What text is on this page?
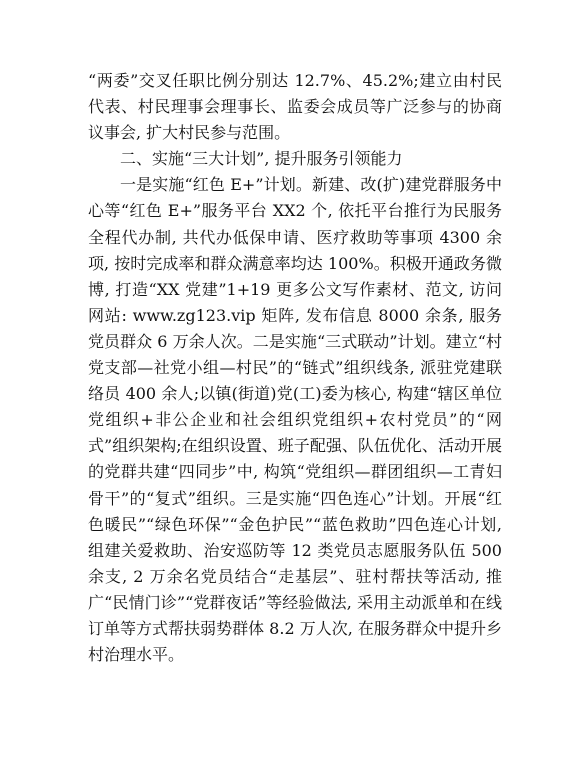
“两委”交叉任职比例分别达 12.7%、45.2%;建立由村民代表、村民理事会理事长、监委会成员等广泛参与的协商议事会, 扩大村民参与范围。

二、实施“三大计划”, 提升服务引领能力

一是实施“红色 E+”计划。新建、改(扩)建党群服务中心等“红色 E+”服务平台 XX2 个, 依托平台推行为民服务全程代办制, 共代办低保申请、医疗救助等事项 4300 余项, 按时完成率和群众满意率均达 100%。积极开通政务微博, 打造“XX 党建”1+19 更多公文写作素材、范文, 访问网站: www.zg123.vip 矩阵, 发布信息 8000 余条, 服务党员群众 6 万余人次。二是实施“三式联动”计划。建立“村党支部—社党小组—村民”的“链式”组织线条, 派驻党建联络员 400 余人;以镇(街道)党(工)委为核心, 构建“辖区单位党组织+非公企业和社会组织党组织+农村党员”的“网式”组织架构;在组织设置、班子配强、队伍优化、活动开展的党群共建“四同步”中, 构筑“党组织—群团组织—工青妇骨干”的“复式”组织。三是实施“四色连心”计划。开展“红色暖民”“绿色环保”“金色护民”“蓝色救助”四色连心计划, 组建关爱救助、治安巡防等 12 类党员志愿服务队伍 500 余支, 2 万余名党员结合“走基层”、驻村帮扶等活动, 推广“民情门诊”“党群夜话”等经验做法, 采用主动派单和在线订单等方式帮扶弱势群体 8.2 万人次, 在服务群众中提升乡村治理水平。
